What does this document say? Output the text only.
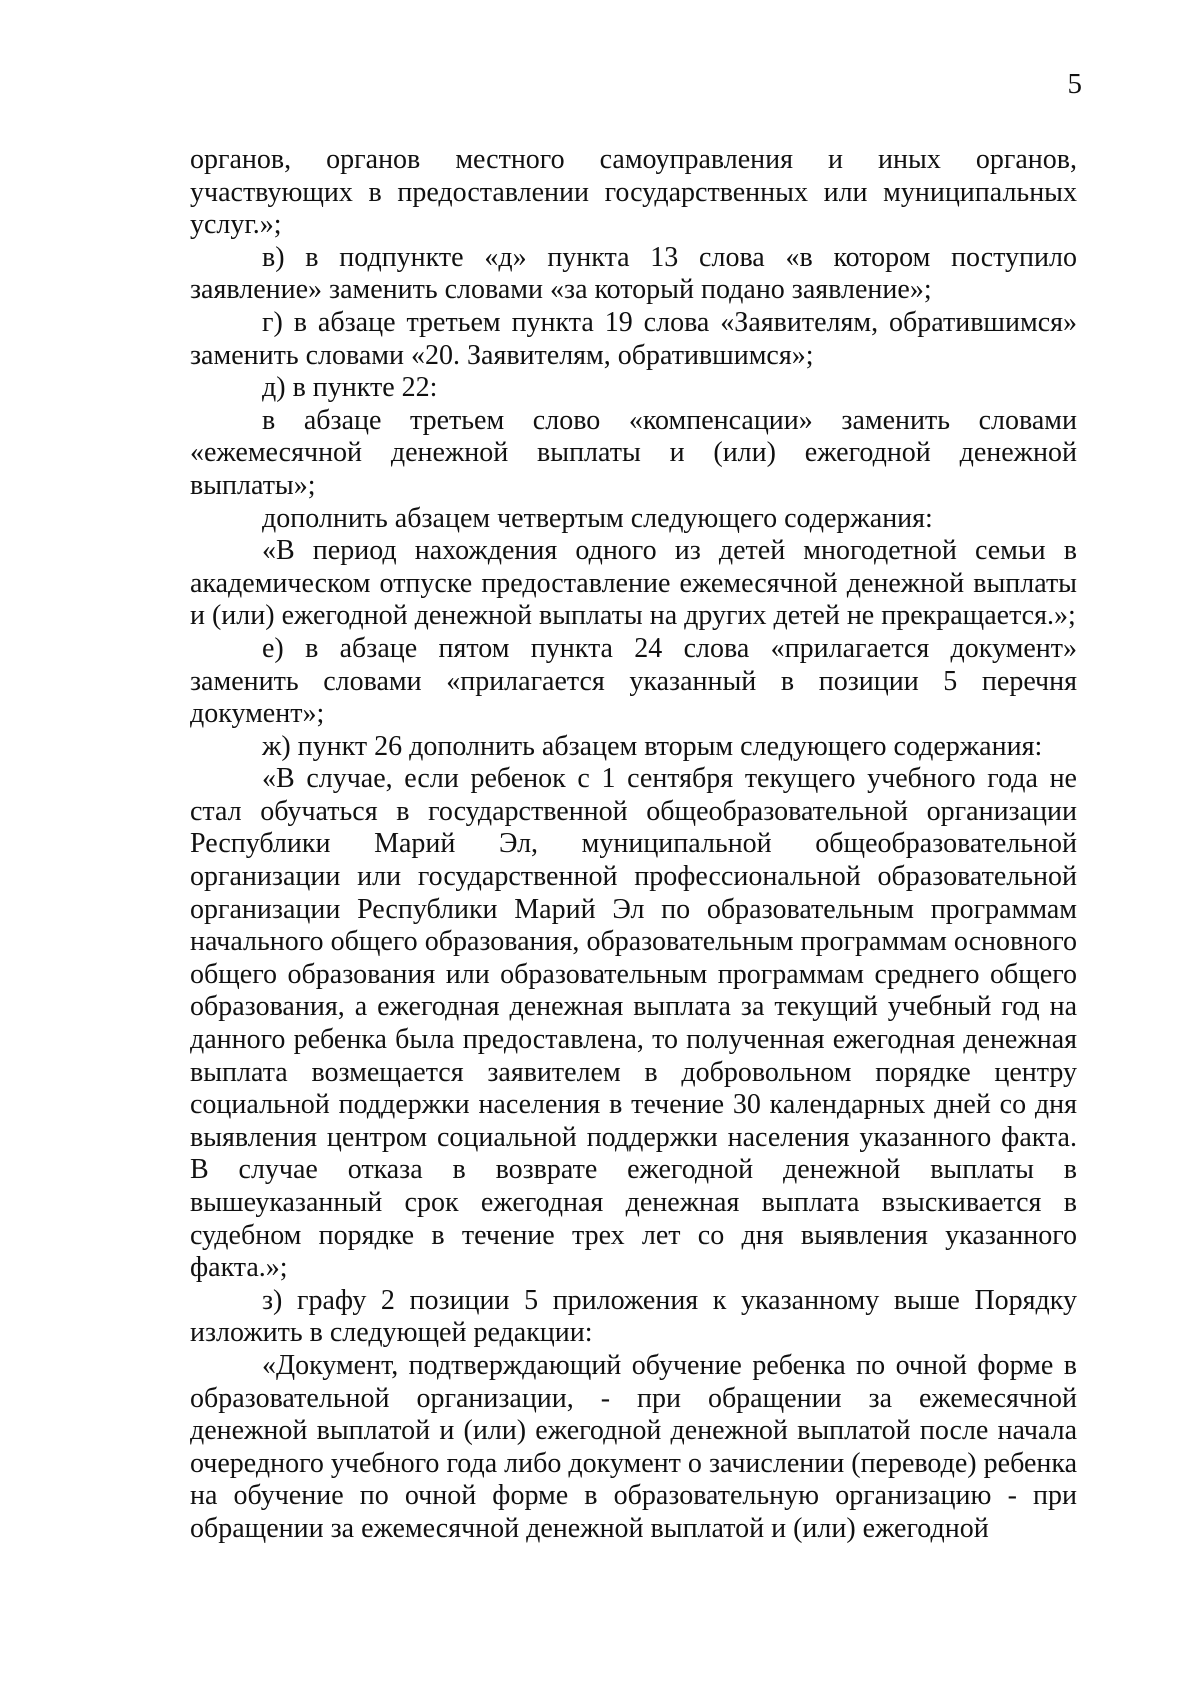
5

органов, органов местного самоуправления и иных органов, участвующих в предоставлении государственных или муниципальных услуг.»;

в) в подпункте «д» пункта 13 слова «в котором поступило заявление» заменить словами «за который подано заявление»;

г) в абзаце третьем пункта 19 слова «Заявителям, обратившимся» заменить словами «20. Заявителям, обратившимся»;

д) в пункте 22:

в абзаце третьем слово «компенсации» заменить словами «ежемесячной денежной выплаты и (или) ежегодной денежной выплаты»;

дополнить абзацем четвертым следующего содержания:

«В период нахождения одного из детей многодетной семьи в академическом отпуске предоставление ежемесячной денежной выплаты и (или) ежегодной денежной выплаты на других детей не прекращается.»;

е) в абзаце пятом пункта 24 слова «прилагается документ» заменить словами «прилагается указанный в позиции 5 перечня документ»;

ж) пункт 26 дополнить абзацем вторым следующего содержания:

«В случае, если ребенок с 1 сентября текущего учебного года не стал обучаться в государственной общеобразовательной организации Республики Марий Эл, муниципальной общеобразовательной организации или государственной профессиональной образовательной организации Республики Марий Эл по образовательным программам начального общего образования, образовательным программам основного общего образования или образовательным программам среднего общего образования, а ежегодная денежная выплата за текущий учебный год на данного ребенка была предоставлена, то полученная ежегодная денежная выплата возмещается заявителем в добровольном порядке центру социальной поддержки населения в течение 30 календарных дней со дня выявления центром социальной поддержки населения указанного факта. В случае отказа в возврате ежегодной денежной выплаты в вышеуказанный срок ежегодная денежная выплата взыскивается в судебном порядке в течение трех лет со дня выявления указанного факта.»;

з) графу 2 позиции 5 приложения к указанному выше Порядку изложить в следующей редакции:

«Документ, подтверждающий обучение ребенка по очной форме в образовательной организации, - при обращении за ежемесячной денежной выплатой и (или) ежегодной денежной выплатой после начала очередного учебного года либо документ о зачислении (переводе) ребенка на обучение по очной форме в образовательную организацию - при обращении за ежемесячной денежной выплатой и (или) ежегодной
